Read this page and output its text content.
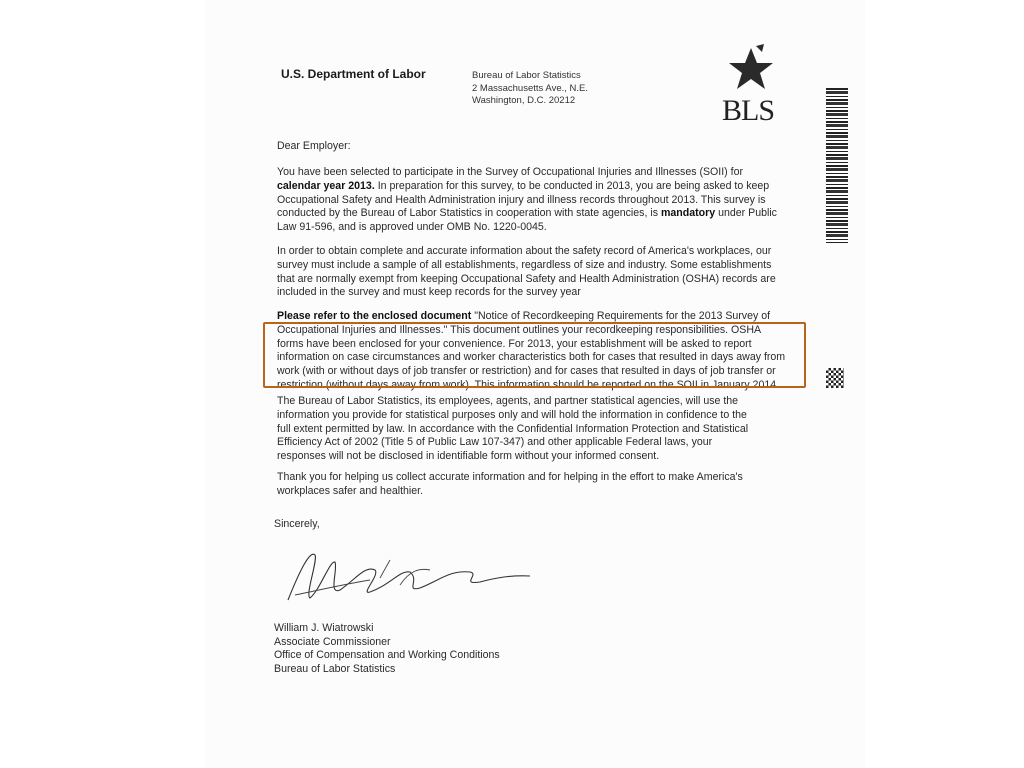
U.S. Department of Labor	Bureau of Labor Statistics
2 Massachusetts Ave., N.E.
Washington, D.C. 20212	BLS
Dear Employer:
You have been selected to participate in the Survey of Occupational Injuries and Illnesses (SOII) for
calendar year 2013. In preparation for this survey, to be conducted in 2013, you are being asked to keep
Occupational Safety and Health Administration injury and illness records throughout 2013. This survey is
conducted by the Bureau of Labor Statistics in cooperation with state agencies, is mandatory under Public
Law 91-596, and is approved under OMB No. 1220-0045.
In order to obtain complete and accurate information about the safety record of America's workplaces, our
survey must include a sample of all establishments, regardless of size and industry. Some establishments
that are normally exempt from keeping Occupational Safety and Health Administration (OSHA) records are
included in the survey and must keep records for the survey year
Please refer to the enclosed document "Notice of Recordkeeping Requirements for the 2013 Survey of
Occupational Injuries and Illnesses." This document outlines your recordkeeping responsibilities. OSHA
forms have been enclosed for your convenience. For 2013, your establishment will be asked to report
information on case circumstances and worker characteristics both for cases that resulted in days away from
work (with or without days of job transfer or restriction) and for cases that resulted in days of job transfer or
restriction (without days away from work). This information should be reported on the SOII in January 2014.
The Bureau of Labor Statistics, its employees, agents, and partner statistical agencies, will use the
information you provide for statistical purposes only and will hold the information in confidence to the
full extent permitted by law. In accordance with the Confidential Information Protection and Statistical
Efficiency Act of 2002 (Title 5 of Public Law 107-347) and other applicable Federal laws, your
responses will not be disclosed in identifiable form without your informed consent.
Thank you for helping us collect accurate information and for helping in the effort to make America's
workplaces safer and healthier.
Sincerely,
William J. Wiatrowski
Associate Commissioner
Office of Compensation and Working Conditions
Bureau of Labor Statistics
